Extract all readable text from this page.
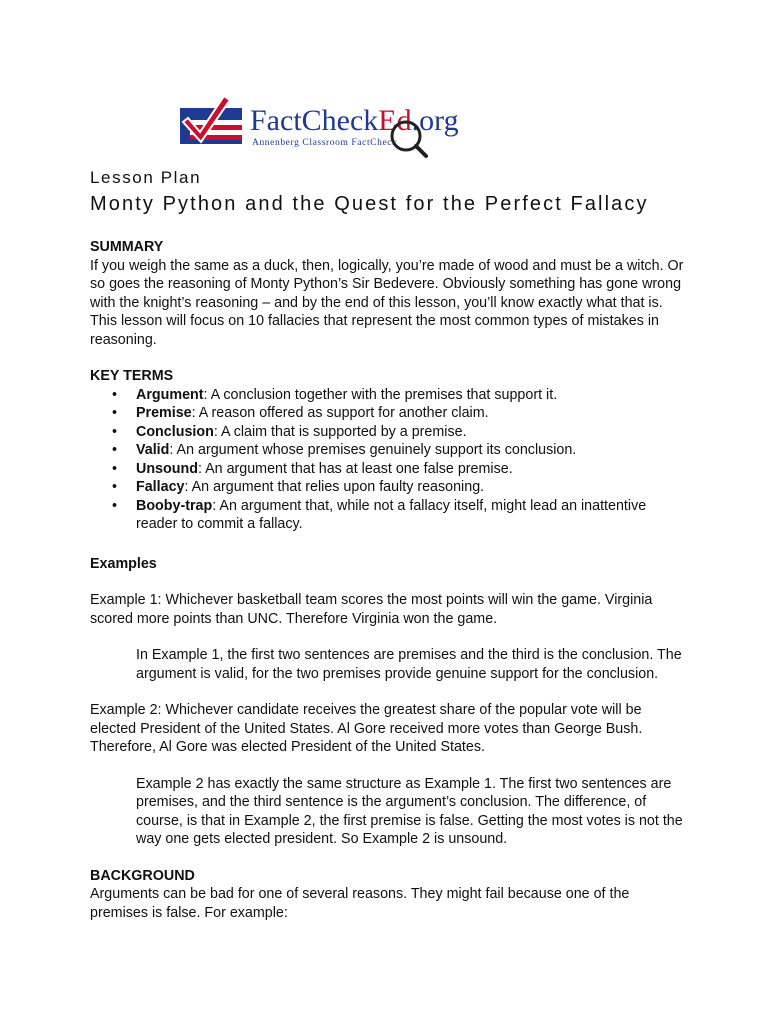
FactCheckEd.org
Annenberg Classroom FactCheck
Lesson Plan
Monty Python and the Quest for the Perfect Fallacy
SUMMARY

If you weigh the same as a duck, then, logically, you’re made of wood and must be a witch. Or so goes the reasoning of Monty Python’s Sir Bedevere. Obviously something has gone wrong with the knight’s reasoning – and by the end of this lesson, you’ll know exactly what that is. This lesson will focus on 10 fallacies that represent the most common types of mistakes in reasoning.

KEY TERMS
• Argument: A conclusion together with the premises that support it.
• Premise: A reason offered as support for another claim.
• Conclusion: A claim that is supported by a premise.
• Valid: An argument whose premises genuinely support its conclusion.
• Unsound: An argument that has at least one false premise.
• Fallacy: An argument that relies upon faulty reasoning.
• Booby-trap: An argument that, while not a fallacy itself, might lead an inattentive reader to commit a fallacy.
Examples

Example 1: Whichever basketball team scores the most points will win the game. Virginia scored more points than UNC. Therefore Virginia won the game.

In Example 1, the first two sentences are premises and the third is the conclusion. The argument is valid, for the two premises provide genuine support for the conclusion.

Example 2: Whichever candidate receives the greatest share of the popular vote will be elected President of the United States. Al Gore received more votes than George Bush. Therefore, Al Gore was elected President of the United States.

Example 2 has exactly the same structure as Example 1. The first two sentences are premises, and the third sentence is the argument’s conclusion. The difference, of course, is that in Example 2, the first premise is false. Getting the most votes is not the way one gets elected president. So Example 2 is unsound.

BACKGROUND

Arguments can be bad for one of several reasons. They might fail because one of the premises is false. For example:
